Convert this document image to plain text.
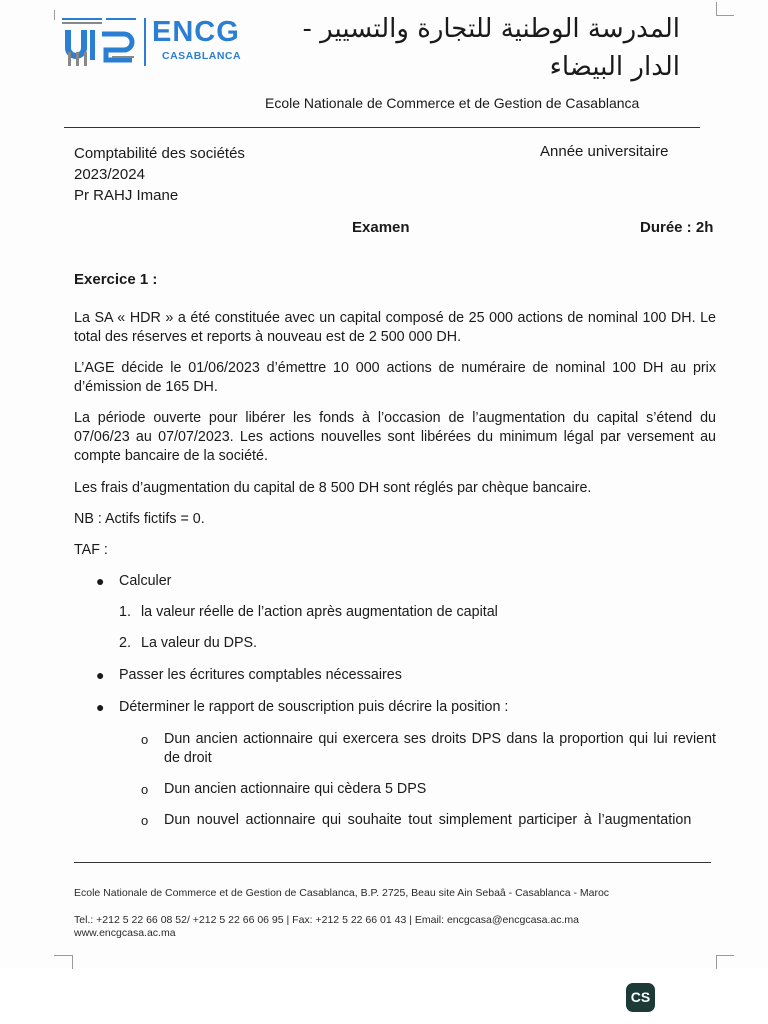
ENCG
CASABLANCA
المدرسة الوطنية للتجارة والتسيير - الدار البيضاء
Ecole Nationale de Commerce et de Gestion de Casablanca
Comptabilité des sociétés
2023/2024
Pr RAHJ Imane
Année universitaire
Examen	Durée : 2h
Exercice 1 :

La SA « HDR » a été constituée avec un capital composé de 25 000 actions de nominal 100 DH. Le total des réserves et reports à nouveau est de 2 500 000 DH.

L’AGE décide le 01/06/2023 d’émettre 10 000 actions de numéraire de nominal 100 DH au prix d’émission de 165 DH.

La période ouverte pour libérer les fonds à l’occasion de l’augmentation du capital s’étend du 07/06/23 au 07/07/2023. Les actions nouvelles sont libérées du minimum légal par versement au compte bancaire de la société.

Les frais d’augmentation du capital de 8 500 DH sont réglés par chèque bancaire.

NB : Actifs fictifs = 0.

TAF :

● Calculer
1. la valeur réelle de l’action après augmentation de capital
2. La valeur du DPS.
● Passer les écritures comptables nécessaires
● Déterminer le rapport de souscription puis décrire la position :
o Dun ancien actionnaire qui exercera ses droits DPS dans la proportion qui lui revient de droit

o Dun ancien actionnaire qui cèdera 5 DPS

o Dun nouvel actionnaire qui souhaite tout simplement participer à l’augmentation

Ecole Nationale de Commerce et de Gestion de Casablanca, B.P. 2725, Beau site Ain Sebaâ - Casablanca - Maroc
Tel.: +212 5 22 66 08 52/ +212 5 22 66 06 95 | Fax: +212 5 22 66 01 43 | Email: encgcasa@encgcasa.ac.ma
www.encgcasa.ac.ma
CS
